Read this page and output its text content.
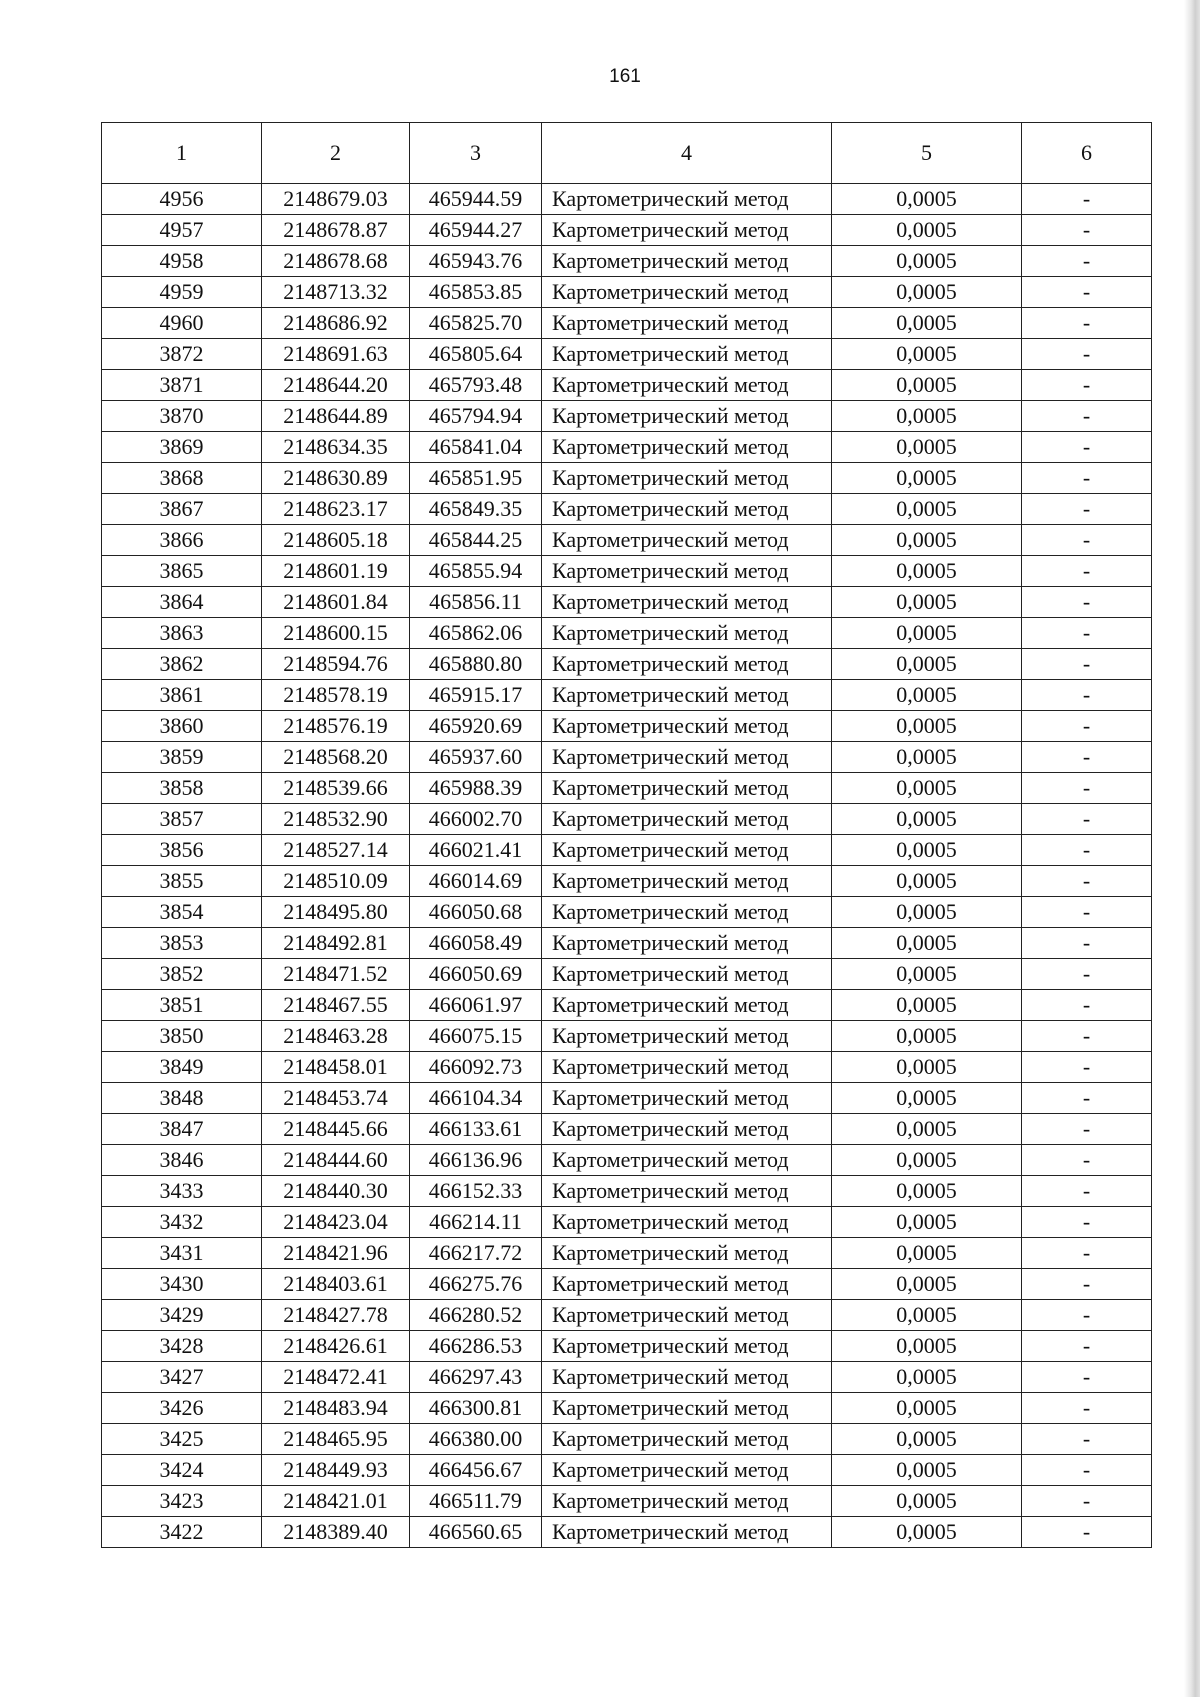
161
1	2	3	4	5	6
4956	2148679.03	465944.59	Картометрический метод	0,0005	-
4957	2148678.87	465944.27	Картометрический метод	0,0005	-
4958	2148678.68	465943.76	Картометрический метод	0,0005	-
4959	2148713.32	465853.85	Картометрический метод	0,0005	-
4960	2148686.92	465825.70	Картометрический метод	0,0005	-
3872	2148691.63	465805.64	Картометрический метод	0,0005	-
3871	2148644.20	465793.48	Картометрический метод	0,0005	-
3870	2148644.89	465794.94	Картометрический метод	0,0005	-
3869	2148634.35	465841.04	Картометрический метод	0,0005	-
3868	2148630.89	465851.95	Картометрический метод	0,0005	-
3867	2148623.17	465849.35	Картометрический метод	0,0005	-
3866	2148605.18	465844.25	Картометрический метод	0,0005	-
3865	2148601.19	465855.94	Картометрический метод	0,0005	-
3864	2148601.84	465856.11	Картометрический метод	0,0005	-
3863	2148600.15	465862.06	Картометрический метод	0,0005	-
3862	2148594.76	465880.80	Картометрический метод	0,0005	-
3861	2148578.19	465915.17	Картометрический метод	0,0005	-
3860	2148576.19	465920.69	Картометрический метод	0,0005	-
3859	2148568.20	465937.60	Картометрический метод	0,0005	-
3858	2148539.66	465988.39	Картометрический метод	0,0005	-
3857	2148532.90	466002.70	Картометрический метод	0,0005	-
3856	2148527.14	466021.41	Картометрический метод	0,0005	-
3855	2148510.09	466014.69	Картометрический метод	0,0005	-
3854	2148495.80	466050.68	Картометрический метод	0,0005	-
3853	2148492.81	466058.49	Картометрический метод	0,0005	-
3852	2148471.52	466050.69	Картометрический метод	0,0005	-
3851	2148467.55	466061.97	Картометрический метод	0,0005	-
3850	2148463.28	466075.15	Картометрический метод	0,0005	-
3849	2148458.01	466092.73	Картометрический метод	0,0005	-
3848	2148453.74	466104.34	Картометрический метод	0,0005	-
3847	2148445.66	466133.61	Картометрический метод	0,0005	-
3846	2148444.60	466136.96	Картометрический метод	0,0005	-
3433	2148440.30	466152.33	Картометрический метод	0,0005	-
3432	2148423.04	466214.11	Картометрический метод	0,0005	-
3431	2148421.96	466217.72	Картометрический метод	0,0005	-
3430	2148403.61	466275.76	Картометрический метод	0,0005	-
3429	2148427.78	466280.52	Картометрический метод	0,0005	-
3428	2148426.61	466286.53	Картометрический метод	0,0005	-
3427	2148472.41	466297.43	Картометрический метод	0,0005	-
3426	2148483.94	466300.81	Картометрический метод	0,0005	-
3425	2148465.95	466380.00	Картометрический метод	0,0005	-
3424	2148449.93	466456.67	Картометрический метод	0,0005	-
3423	2148421.01	466511.79	Картометрический метод	0,0005	-
3422	2148389.40	466560.65	Картометрический метод	0,0005	-
